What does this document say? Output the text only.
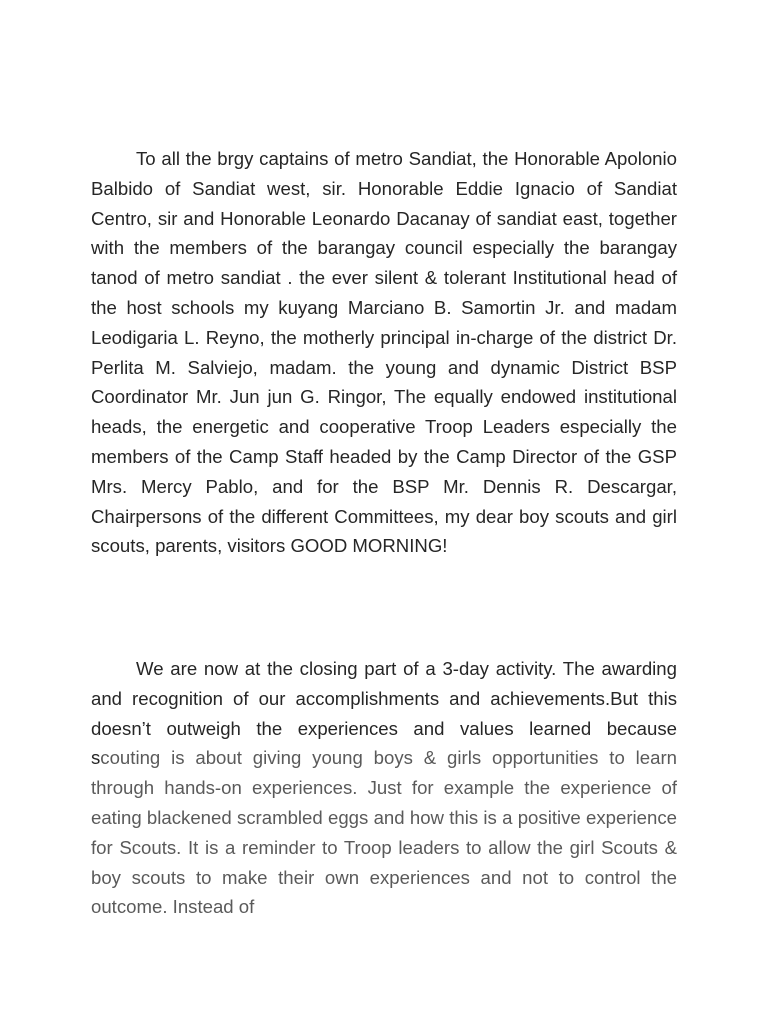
To all the brgy captains of metro Sandiat, the Honorable Apolonio Balbido of Sandiat west, sir. Honorable Eddie Ignacio of Sandiat Centro, sir and Honorable Leonardo Dacanay of sandiat east, together with the members of the barangay council especially the barangay tanod of metro sandiat . the ever silent & tolerant Institutional head of the host schools my kuyang Marciano B. Samortin Jr. and madam Leodigaria L. Reyno, the motherly principal in-charge of the district Dr. Perlita M. Salviejo, madam. the young and dynamic District BSP Coordinator Mr. Jun jun G. Ringor, The equally endowed institutional heads, the energetic and cooperative Troop Leaders especially the members of the Camp Staff headed by the Camp Director of the GSP Mrs. Mercy Pablo, and for the BSP Mr. Dennis R. Descargar, Chairpersons of the different Committees, my dear boy scouts and girl scouts, parents, visitors GOOD MORNING!

We are now at the closing part of a 3-day activity. The awarding and recognition of our accomplishments and achievements.But this doesn’t outweigh the experiences and values learned because scouting is about giving young boys & girls opportunities to learn through hands-on experiences. Just for example the experience of eating blackened scrambled eggs and how this is a positive experience for Scouts. It is a reminder to Troop leaders to allow the girl Scouts & boy scouts to make their own experiences and not to control the outcome. Instead of
